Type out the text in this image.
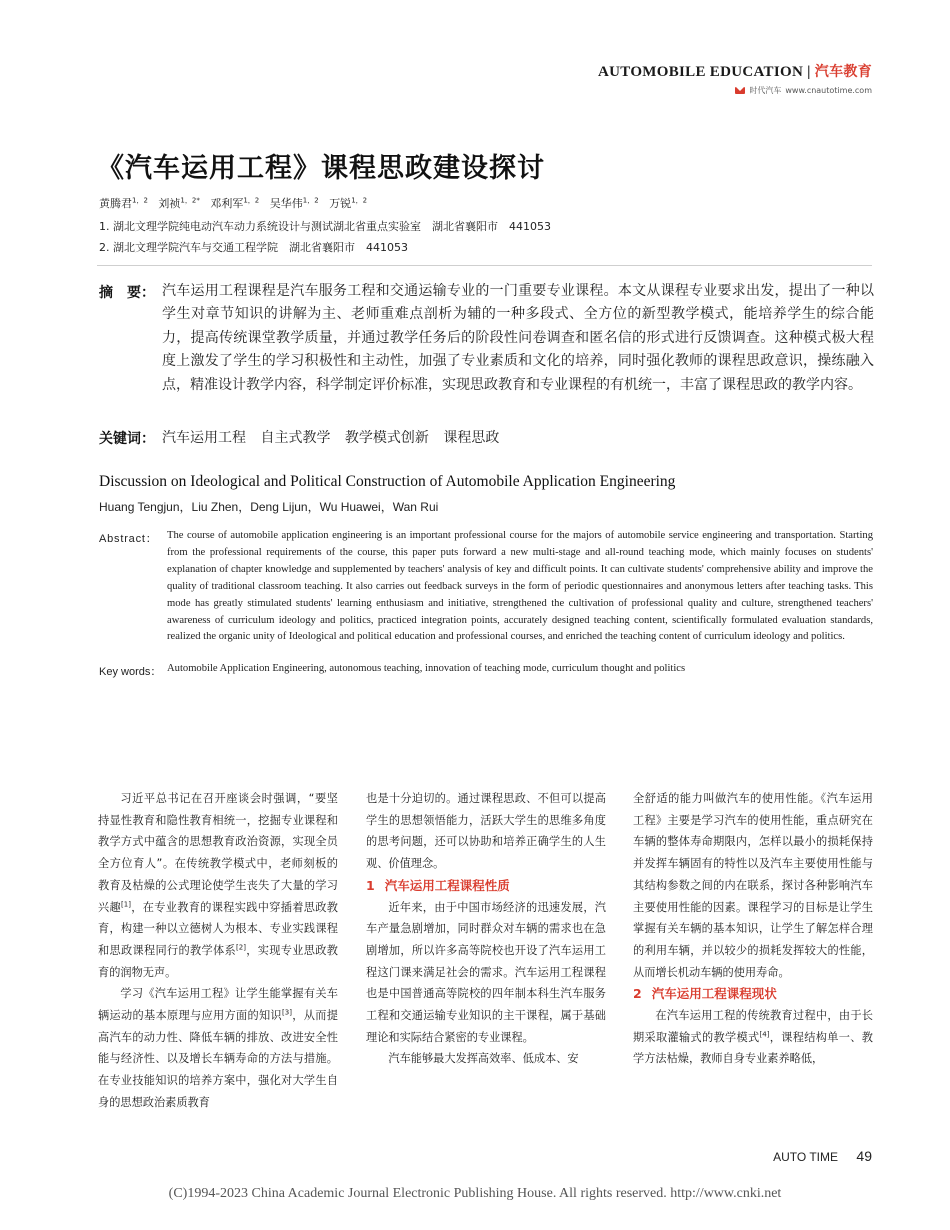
AUTOMOBILE EDUCATION | 汽车教育
时代汽车 www.cnautotime.com
《汽车运用工程》课程思政建设探讨
黄腾君$^{1,2}$ 刘祯$^{1,2*}$ 邓利军$^{1,2}$ 吴华伟$^{1,2}$ 万锐$^{1,2}$
1. 湖北文理学院纯电动汽车动力系统设计与测试湖北省重点实验室　湖北省襄阳市　441053
2. 湖北文理学院汽车与交通工程学院　湖北省襄阳市　441053
摘　要： 汽车运用工程课程是汽车服务工程和交通运输专业的一门重要专业课程。本文从课程专业要求出发，提出了一种以学生对章节知识的讲解为主、老师重难点剖析为辅的一种多段式、全方位的新型教学模式，能培养学生的综合能力，提高传统课堂教学质量，并通过教学任务后的阶段性问卷调查和匿名信的形式进行反馈调查。这种模式极大程度上激发了学生的学习积极性和主动性，加强了专业素质和文化的培养，同时强化教师的课程思政意识，操练融入点，精准设计教学内容，科学制定评价标准，实现思政教育和专业课程的有机统一，丰富了课程思政的教学内容。
关键词： 汽车运用工程 自主式教学 教学模式创新 课程思政
Discussion on Ideological and Political Construction of Automobile Application Engineering
Huang Tengjun，Liu Zhen，Deng Lijun，Wu Huawei，Wan Rui
Abstract： The course of automobile application engineering is an important professional course for the majors of automobile service engineering and transportation. Starting from the professional requirements of the course, this paper puts forward a new multi-stage and all-round teaching mode, which mainly focuses on students' explanation of chapter knowledge and supplemented by teachers' analysis of key and difficult points. It can cultivate students' comprehensive ability and improve the quality of traditional classroom teaching. It also carries out feedback surveys in the form of periodic questionnaires and anonymous letters after teaching tasks. This mode has greatly stimulated students' learning enthusiasm and initiative, strengthened the cultivation of professional quality and culture, strengthened teachers' awareness of curriculum ideology and politics, practiced integration points, accurately designed teaching content, scientifically formulated evaluation standards, realized the organic unity of Ideological and political education and professional courses, and enriched the teaching content of curriculum ideology and politics.
Key words： Automobile Application Engineering, autonomous teaching, innovation of teaching mode, curriculum thought and politics

习近平总书记在召开座谈会时强调，“要坚持显性教育和隐性教育相统一，挖掘专业课程和教学方式中蕴含的思想教育政治资源，实现全员全方位育人”。在传统教学模式中，老师刻板的教育及枯燥的公式理论使学生丧失了大量的学习兴趣[1]，在专业教育的课程实践中穿插着思政教育，构建一种以立德树人为根本、专业实践课程和思政课程同行的教学体系[2]，实现专业思政教育的润物无声。

学习《汽车运用工程》让学生能掌握有关车辆运动的基本原理与应用方面的知识[3]，从而提高汽车的动力性、降低车辆的排放、改进安全性能与经济性、以及增长车辆寿命的方法与措施。在专业技能知识的培养方案中，强化对大学生自身的思想政治素质教育

也是十分迫切的。通过课程思政、不但可以提高学生的思想领悟能力，活跃大学生的思维多角度的思考问题，还可以协助和培养正确学生的人生观、价值理念。

1 汽车运用工程课程性质

近年来，由于中国市场经济的迅速发展，汽车产量急剧增加，同时群众对车辆的需求也在急剧增加，所以许多高等院校也开设了汽车运用工程这门课来满足社会的需求。汽车运用工程课程也是中国普通高等院校的四年制本科生汽车服务工程和交通运输专业知识的主干课程，属于基础理论和实际结合紧密的专业课程。

汽车能够最大发挥高效率、低成本、安

全舒适的能力叫做汽车的使用性能。《汽车运用工程》主要是学习汽车的使用性能，重点研究在车辆的整体寿命期限内，怎样以最小的损耗保持并发挥车辆固有的特性以及汽车主要使用性能与其结构参数之间的内在联系，探讨各种影响汽车主要使用性能的因素。课程学习的目标是让学生掌握有关车辆的基本知识，让学生了解怎样合理的利用车辆，并以较少的损耗发挥较大的性能，从而增长机动车辆的使用寿命。

2 汽车运用工程课程现状

在汽车运用工程的传统教育过程中，由于长期采取灌输式的教学模式[4]，课程结构单一、教学方法枯燥，教师自身专业素养略低，

AUTO TIME 49
(C)1994-2023 China Academic Journal Electronic Publishing House. All rights reserved. http://www.cnki.net
